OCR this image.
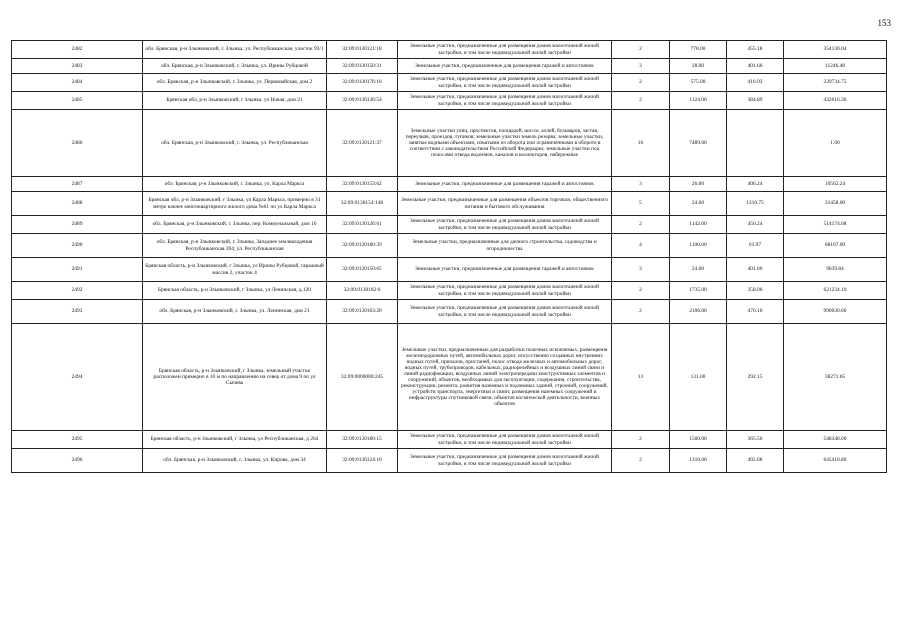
153
2482	обл. Брянская, р-н Злынковский, г. Злынка, ул. Республиканская, участок 93/1	32:09:0130121:18	Земельные участки, предназначенные для размещения домов малоэтажной жилой застройки, в том числе индивидуальной жилой застройки	2	778.00	455.18	354130.04
2483	обл. Брянская, р-н Злынковский, г. Злынка, ул. Ирины Рубцовой	32:09:0130150:31	Земельные участки, предназначенные для размещения гаражей и автостоянок	3	28.00	401.66	11246.48
2484	обл. Брянская, р-н Злынковский, г. Злынка, ул. Первомайская, дом 2	32:09:0130176:16	Земельные участки, предназначенные для размещения домов малоэтажной жилой застройки, в том числе индивидуальной жилой застройки	2	575.00	416.93	239734.75
2485	Брянская обл, р-н Злынковский, г Злынка, ул Новая, дом 21	32:09:0130130:54	Земельные участки, предназначенные для размещения домов малоэтажной жилой застройки, в том числе индивидуальной жилой застройки	2	1124.00	384.89	432616.36
2486	обл. Брянская, р-н Злынковский, г. Злынка, ул. Республиканская	32:09:0130121:37	Земельные участки улиц, проспектов, площадей, шоссе, аллей, бульваров, застав, переулков, проездов, тупиков; земельные участки земель резерва; земельные участки, занятые водными объектами, изъятыми из оборота или ограниченными в обороте в соответствии с законодательством Российской Федерации; земельные участки под полосами отвода водоемов, каналов и коллекторов, набережные	16	7489.00		1.00
2487	обл. Брянская, р-н Злынковский, г. Злынка, ул. Карла Маркса	32:09:0130153:62	Земельные участки, предназначенные для размещения гаражей и автостоянок	3	26.00	406.24	10562.24
2488	Брянская обл, р-н Злынковский, г Злынка, ул Карла Маркса, примерно в 31 метре южнее многоквартирного жилого дома №61 по ул Карла Маркса	32:09:0130154:148	Земельные участки, предназначенные для размещения объектов торговли, общественного питания и бытового обслуживания	5	24.00	1310.75	31458.00
2489	обл. Брянская, р-н Злынковский, г. Злынка, пер. Коммунальный, дом 16	32:09:0130126:61	Земельные участки, предназначенные для размещения домов малоэтажной жилой застройки, в том числе индивидуальной жилой застройки	2	1142.00	450.24	514174.08
2490	обл. Брянская, р-н Злынковский, г. Злынка, Западнее землевладения Республиканская 264, ул. Республиканская	32:09:0130180:39	Земельные участки, предназначенные для дачного строительства, садоводства и огородничества	4	1100.00	61.97	68167.00
2491	Брянская область, р-н Злынковский, г Злынка, ул Ирины Рубцовой, гаражный массив 2, участок 4	32:09:0130150:65	Земельные участки, предназначенные для размещения гаражей и автостоянок	3	24.00	401.66	9639.84
2492	Брянская область, р-н Злынковский, г Злынка, ул Ленинская, д.120	32:09:0130182:6	Земельные участки, предназначенные для размещения домов малоэтажной жилой застройки, в том числе индивидуальной жилой застройки	2	1735.00	358.06	621234.10
2493	обл. Брянская, р-н Злынковский, г. Злынка, ул. Ленинская, дом 21	32:09:0130163:20	Земельные участки, предназначенные для размещения домов малоэтажной жилой застройки, в том числе индивидуальной жилой застройки	2	2106.00	470.10	990030.60
2494	Брянская область, р-н Злынковский, г Злынка, земельный участок расположен примерно в 10 м по направлению на север от дома 9 по ул Сычева	32:09:0000000:245	Земельные участки, предназначенные для разработки полезных ископаемых, размещения железнодорожных путей, автомобильных дорог, искусственно созданных внутренних водных путей, причалов, пристаней, полос отвода железных и автомобильных дорог, водных путей, трубопроводов, кабельных, радиорелейных и воздушных линий связи и линий радиофикации, воздушных линий электропередачи конструктивных элементов и сооружений, объектов, необходимых для эксплуатации, содержания, строительства, реконструкции, ремонта, развития наземных и подземных зданий, строений, сооружений, устройств транспорта, энергетики и связи; размещения наземных сооружений и инфраструктуры спутниковой связи, объектов космической деятельности, военных объектов	13	131.00	292.15	38271.65
2495	Брянская область, р-н Злынковский, г Злынка, ул Республиканская, д 264	32:09:0130180:15	Земельные участки, предназначенные для размещения домов малоэтажной жилой застройки, в том числе индивидуальной жилой застройки	2	1500.00	365.56	548340.00
2496	обл. Брянская, р-н Злынковский, г. Злынка, ул. Кирова, дом 34	32:09:0130124:10	Земельные участки, предназначенные для размещения домов малоэтажной жилой застройки, в том числе индивидуальной жилой застройки	2	1310.00	492.68	645410.80
